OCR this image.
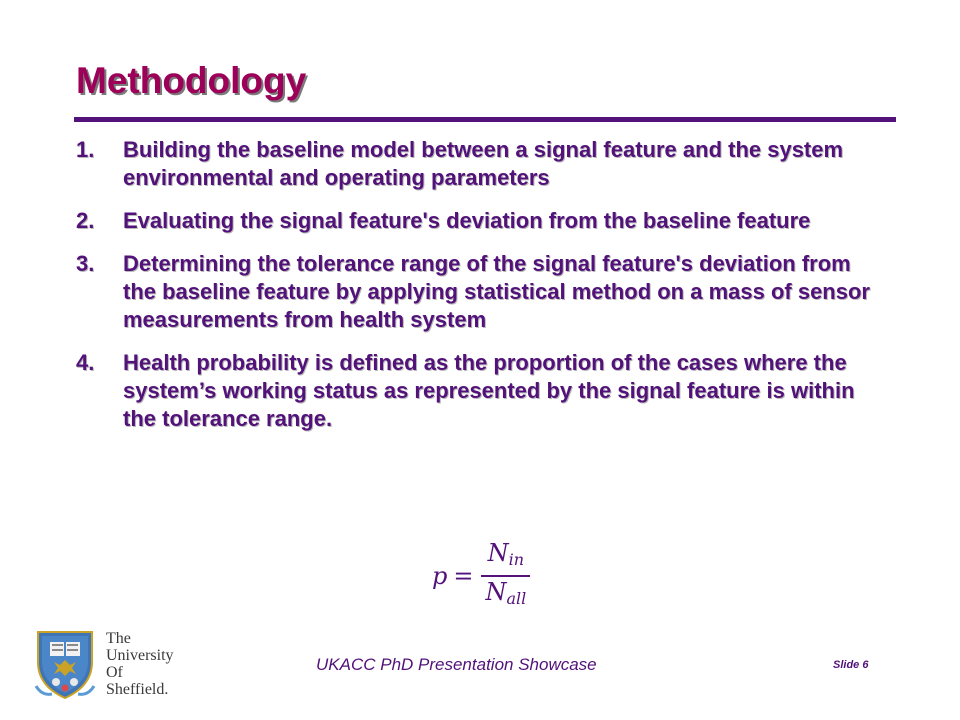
Methodology
1. Building the baseline model between a signal feature and the system environmental and operating parameters
2. Evaluating the signal feature's deviation from the baseline feature
3. Determining the tolerance range of the signal feature's deviation from the baseline feature by applying statistical method on a mass of sensor measurements from health system
4. Health probability is defined as the proportion of the cases where the system’s working status as represented by the signal feature is within the tolerance range.
$p = \frac{N_{in}}{N_{all}}$

The
University
Of
Sheffield.

UKACC PhD Presentation Showcase	Slide 6
